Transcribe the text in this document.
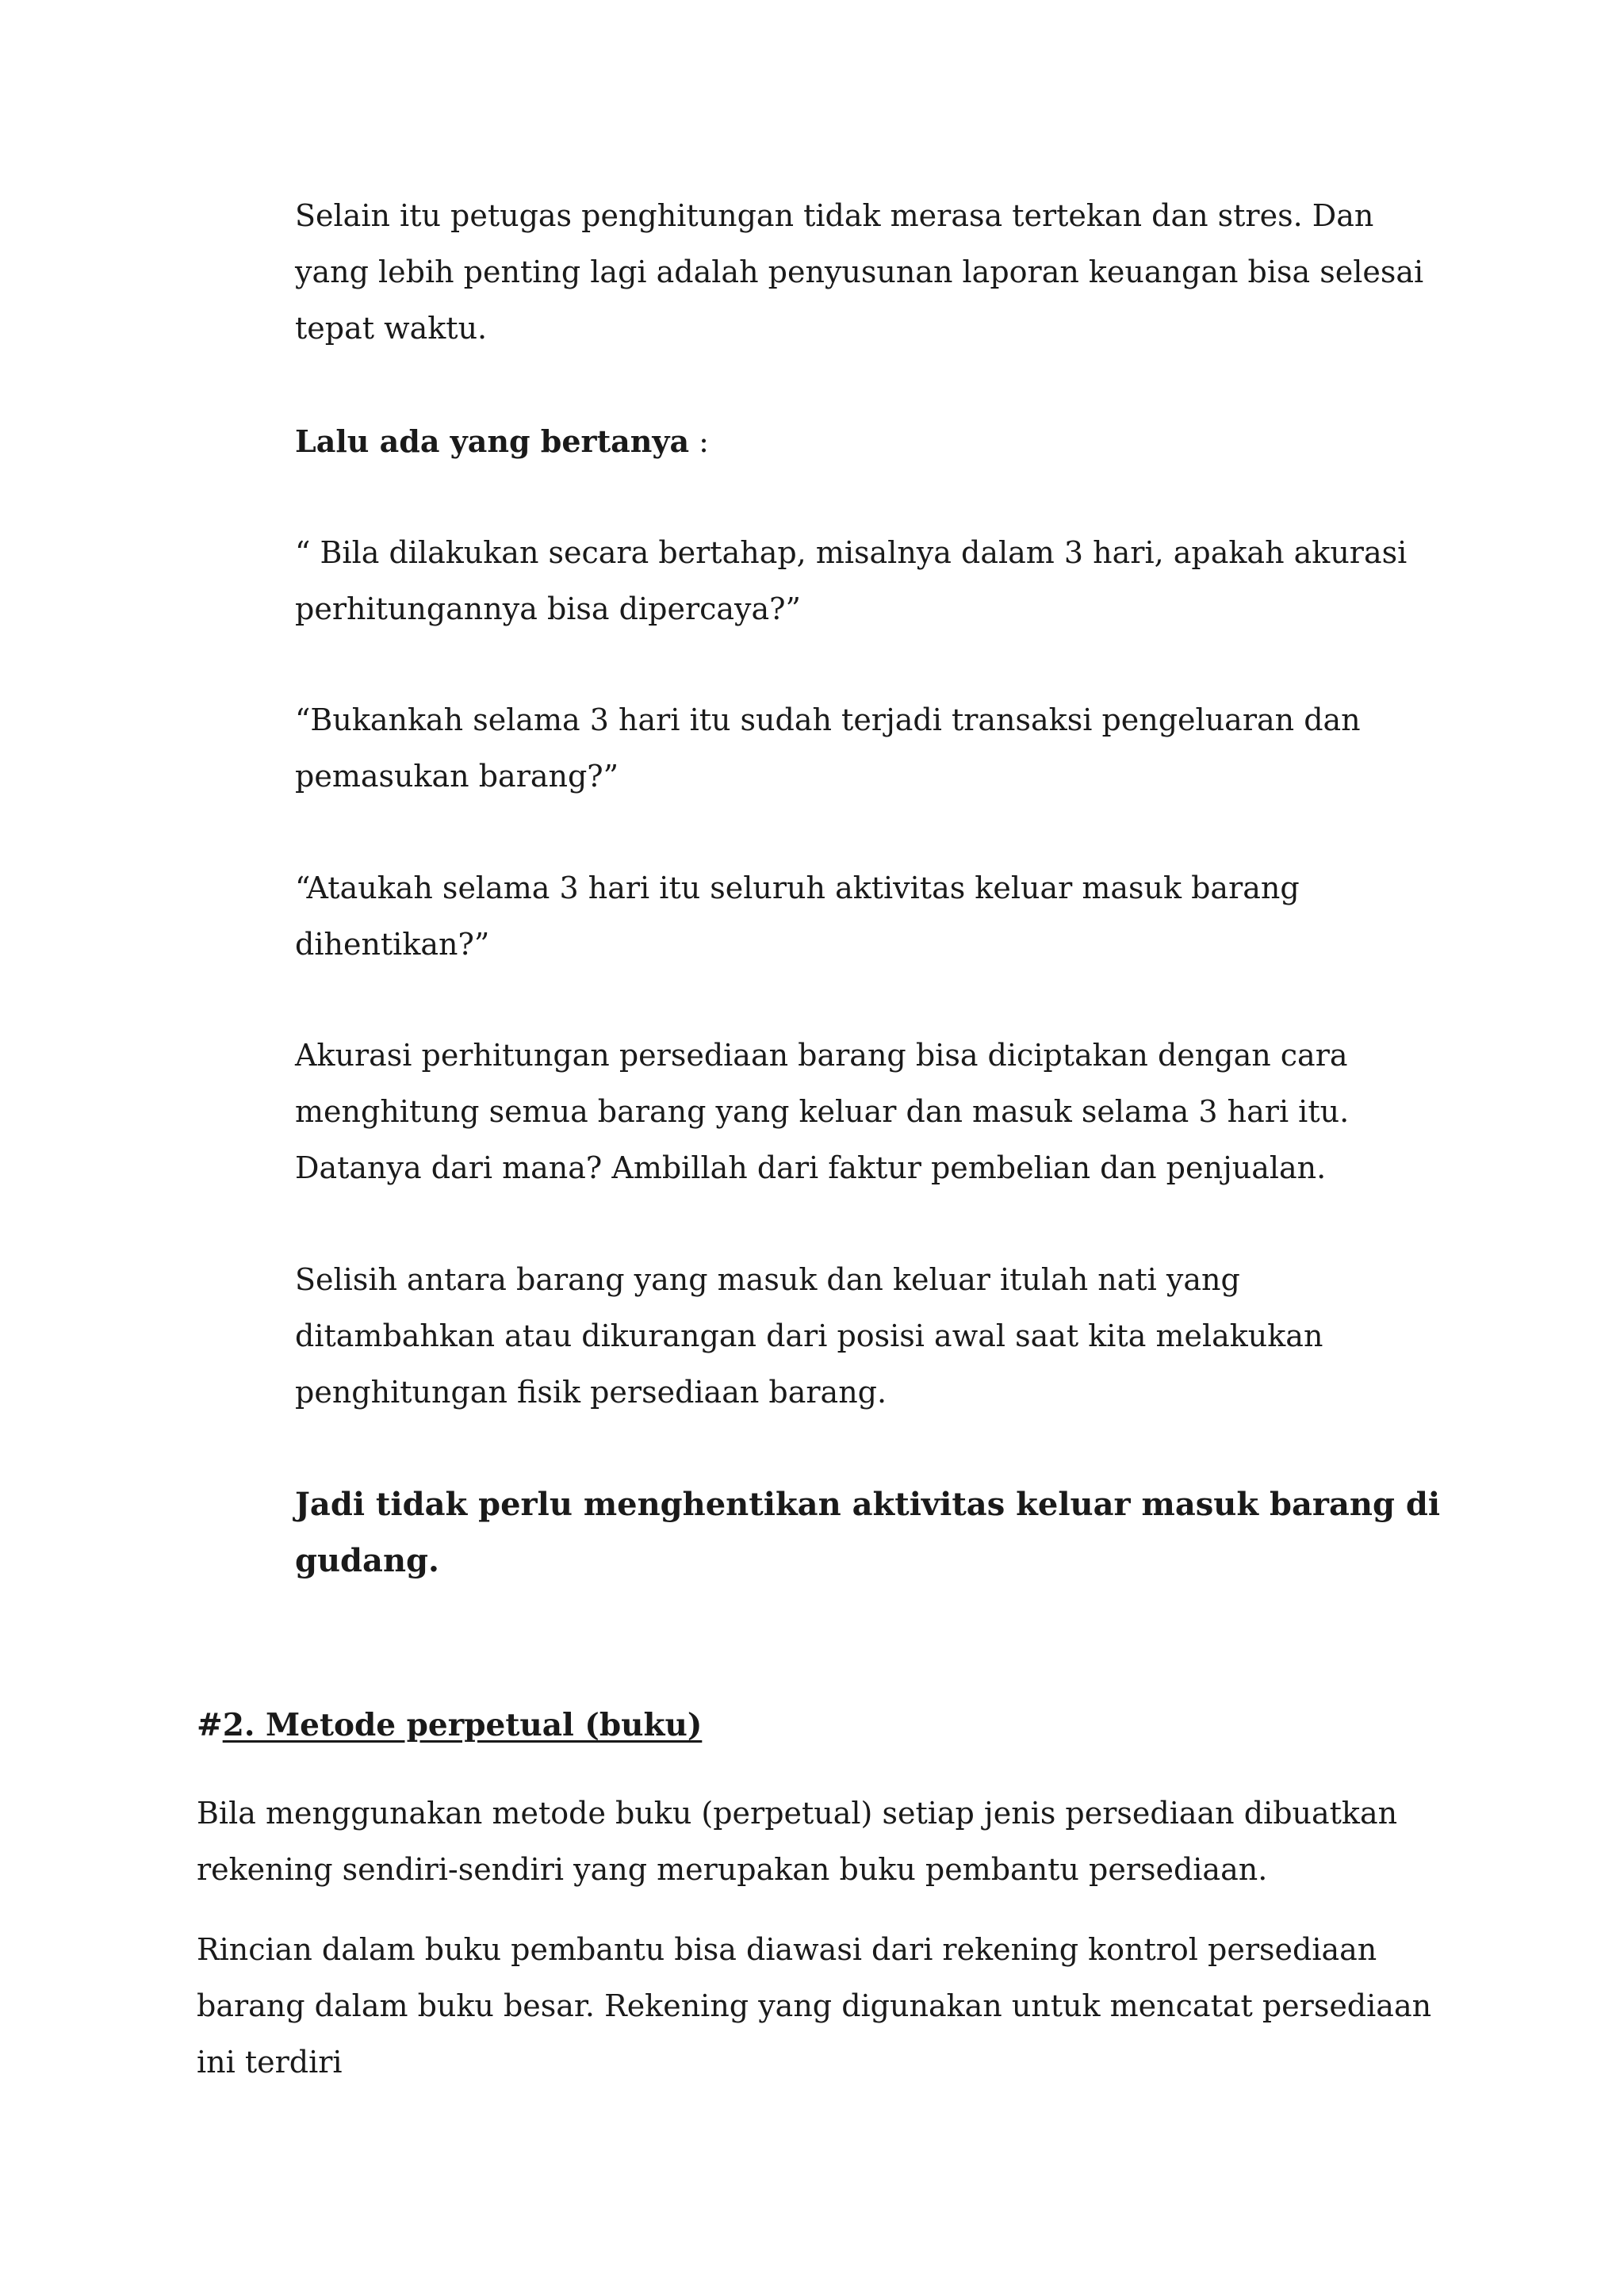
Selain itu petugas penghitungan tidak merasa tertekan dan stres. Dan yang lebih penting lagi adalah penyusunan laporan keuangan bisa selesai tepat waktu.

Lalu ada yang bertanya :

“ Bila dilakukan secara bertahap, misalnya dalam 3 hari, apakah akurasi perhitungannya bisa dipercaya?”

“Bukankah selama 3 hari itu sudah terjadi transaksi pengeluaran dan pemasukan barang?”

“Ataukah selama 3 hari itu seluruh aktivitas keluar masuk barang dihentikan?”

Akurasi perhitungan persediaan barang bisa diciptakan dengan cara menghitung semua barang yang keluar dan masuk selama 3 hari itu. Datanya dari mana? Ambillah dari faktur pembelian dan penjualan.

Selisih antara barang yang masuk dan keluar itulah nati yang ditambahkan atau dikurangan dari posisi awal saat kita melakukan penghitungan fisik persediaan barang.

Jadi tidak perlu menghentikan aktivitas keluar masuk barang di gudang.

#2. Metode perpetual (buku)

Bila menggunakan metode buku (perpetual) setiap jenis persediaan dibuatkan rekening sendiri-sendiri yang merupakan buku pembantu persediaan.

Rincian dalam buku pembantu bisa diawasi dari rekening kontrol persediaan barang dalam buku besar. Rekening yang digunakan untuk mencatat persediaan ini terdiri
